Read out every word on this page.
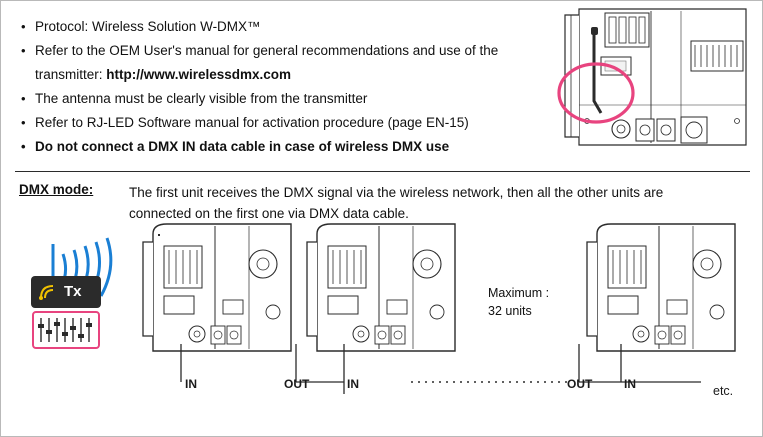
• Protocol: Wireless Solution W-DMX™
• Refer to the OEM User's manual for general recommendations and use of the transmitter: http://www.wirelessdmx.com
• The antenna must be clearly visible from the transmitter
• Refer to RJ-LED Software manual for activation procedure (page EN-15)
• Do not connect a DMX IN data cable in case of wireless DMX use
DMX mode:	The first unit receives the DMX signal via the wireless network, then all the other units are connected on the first one via DMX data cable.
Tx	Maximum :
32 units
IN	OUT	IN	OUT	IN	etc.
